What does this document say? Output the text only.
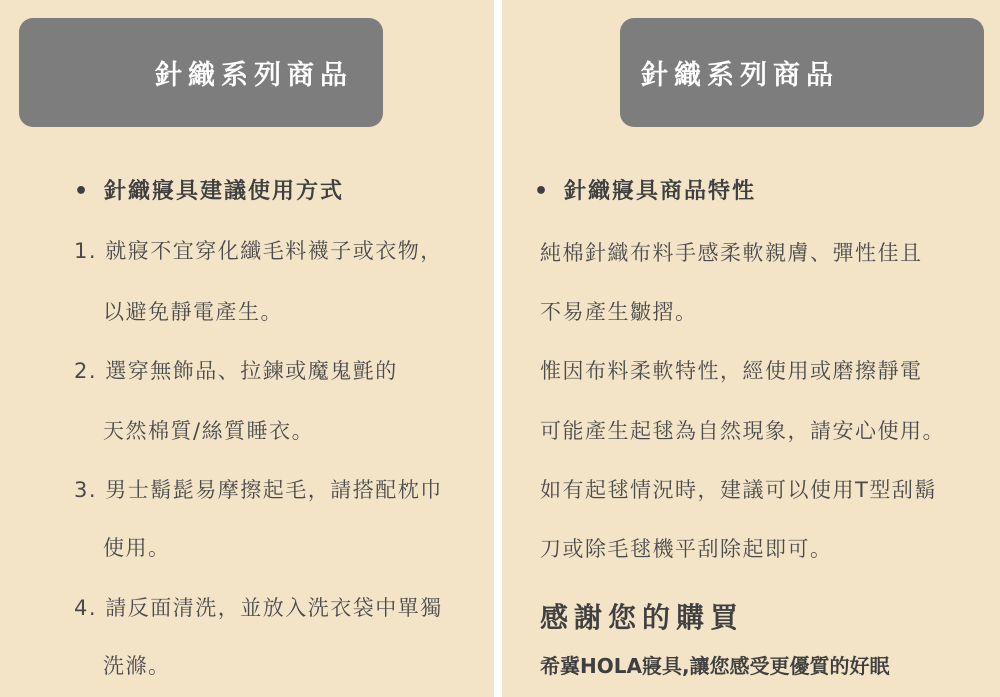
針織系列商品
• 針織寢具建議使用方式
1. 就寢不宜穿化纖毛料襪子或衣物，
以避免靜電產生。
2. 選穿無飾品、拉鍊或魔鬼氈的
天然棉質/絲質睡衣。
3. 男士鬍髭易摩擦起毛，請搭配枕巾
使用。
4. 請反面清洗，並放入洗衣袋中單獨
洗滌。
針織系列商品
• 針織寢具商品特性
純棉針織布料手感柔軟親膚、彈性佳且
不易產生皺摺。
惟因布料柔軟特性，經使用或磨擦靜電
可能產生起毬為自然現象，請安心使用。
如有起毬情況時，建議可以使用T型刮鬍
刀或除毛毬機平刮除起即可。
感謝您的購買
希冀HOLA寢具,讓您感受更優質的好眠
